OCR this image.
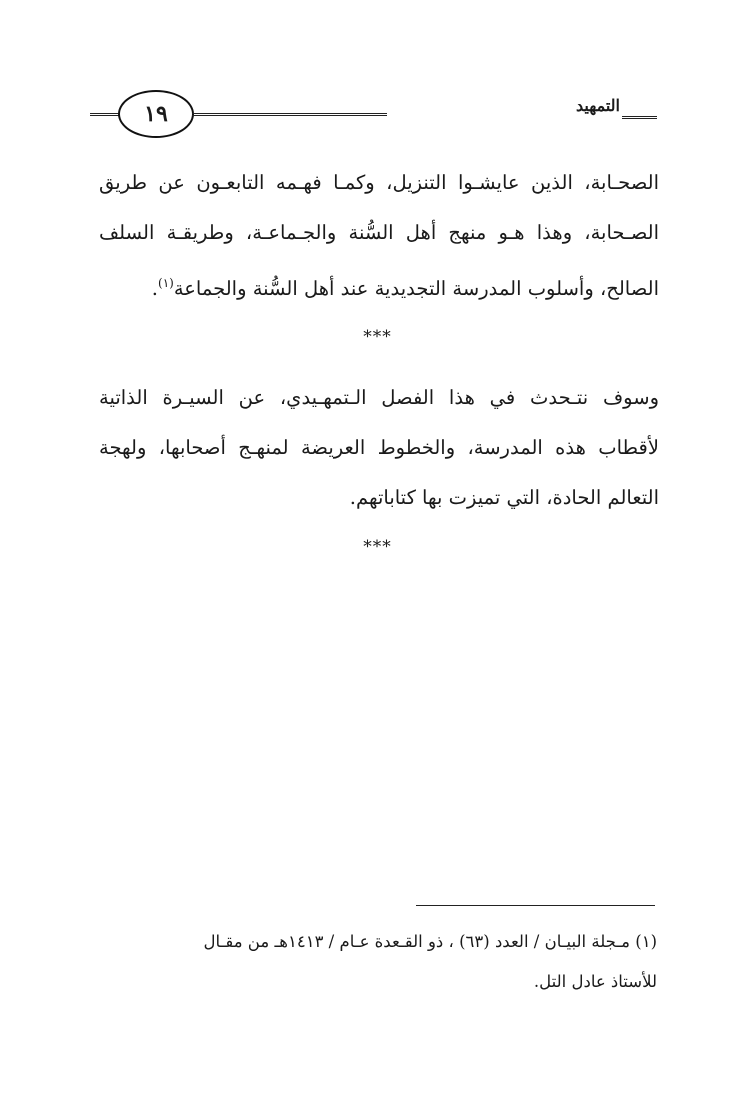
١٩	التمهيد
الصحـابة، الذين عايشـوا التنزيل، وكمـا فهـمه التابعـون عن طريق
الصـحابة، وهذا هـو منهج أهل السُّنة والجـماعـة، وطريقـة السلف
الصالح، وأسلوب المدرسة التجديدية عند أهل السُّنة والجماعة$^{(١)}$.
***
وسوف نتـحدث في هذا الفصل الـتمهـيدي، عن السيـرة الذاتية
لأقطاب هذه المدرسة، والخطوط العريضة لمنهـج أصحابها، ولهجة
التعالم الحادة، التي تميزت بها كتاباتهم.
***
(١) مـجلة البيـان / العدد (٦٣) ، ذو القـعدة عـام / ١٤١٣هـ من مقـال
للأستاذ عادل التل.
